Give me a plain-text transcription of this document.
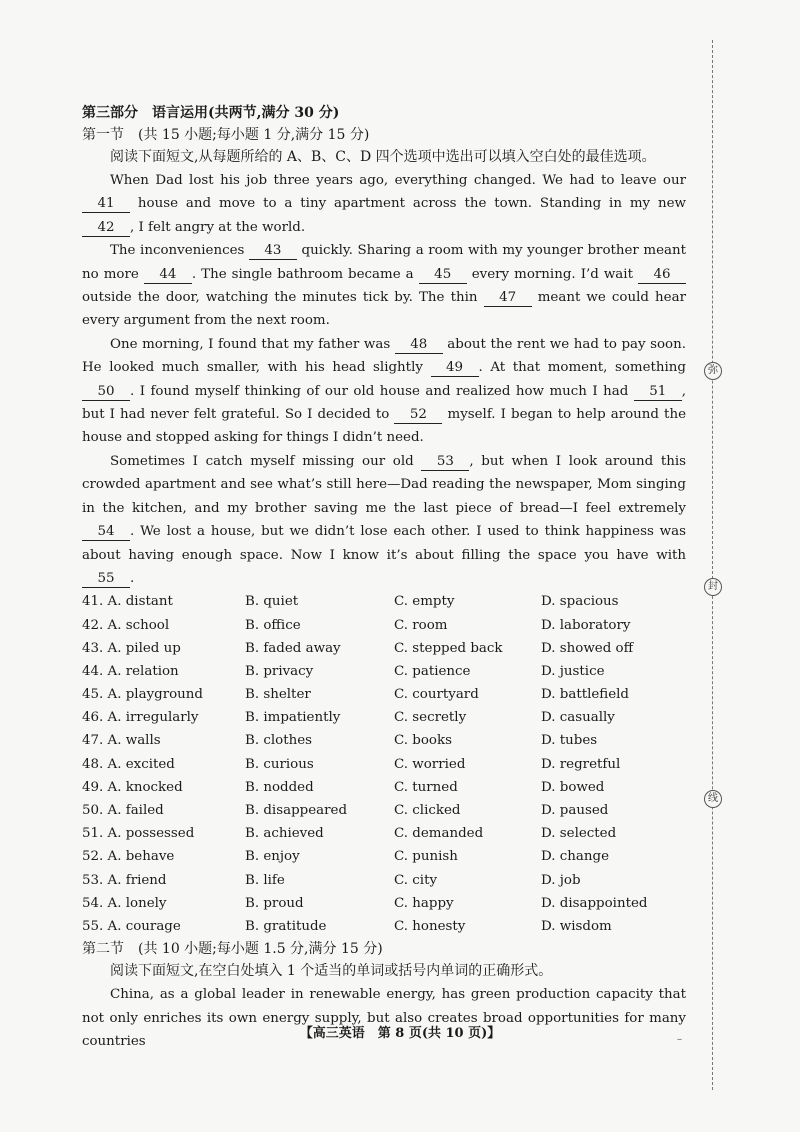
弥
封
线
第三部分　语言运用(共两节,满分 30 分)
第一节　(共 15 小题;每小题 1 分,满分 15 分)
阅读下面短文,从每题所给的 A、B、C、D 四个选项中选出可以填入空白处的最佳选项。

When Dad lost his job three years ago, everything changed. We had to leave our 41 house and move to a tiny apartment across the town. Standing in my new 42 , I felt angry at the world.

The inconveniences 43 quickly. Sharing a room with my younger brother meant no more 44 . The single bathroom became a 45 every morning. I’d wait 46 outside the door, watching the minutes tick by. The thin 47 meant we could hear every argument from the next room.

One morning, I found that my father was 48 about the rent we had to pay soon. He looked much smaller, with his head slightly 49 . At that moment, something 50 . I found myself thinking of our old house and realized how much I had 51 , but I had never felt grateful. So I decided to 52 myself. I began to help around the house and stopped asking for things I didn’t need.

Sometimes I catch myself missing our old 53 , but when I look around this crowded apartment and see what’s still here—Dad reading the newspaper, Mom singing in the kitchen, and my brother saving me the last piece of bread—I feel extremely 54 . We lost a house, but we didn’t lose each other. I used to think happiness was about having enough space. Now I know it’s about filling the space you have with 55 .

41. A. distant	B. quiet	C. empty	D. spacious
42. A. school	B. office	C. room	D. laboratory
43. A. piled up	B. faded away	C. stepped back	D. showed off
44. A. relation	B. privacy	C. patience	D. justice
45. A. playground	B. shelter	C. courtyard	D. battlefield
46. A. irregularly	B. impatiently	C. secretly	D. casually
47. A. walls	B. clothes	C. books	D. tubes
48. A. excited	B. curious	C. worried	D. regretful
49. A. knocked	B. nodded	C. turned	D. bowed
50. A. failed	B. disappeared	C. clicked	D. paused
51. A. possessed	B. achieved	C. demanded	D. selected
52. A. behave	B. enjoy	C. punish	D. change
53. A. friend	B. life	C. city	D. job
54. A. lonely	B. proud	C. happy	D. disappointed
55. A. courage	B. gratitude	C. honesty	D. wisdom
第二节　(共 10 小题;每小题 1.5 分,满分 15 分)
阅读下面短文,在空白处填入 1 个适当的单词或括号内单词的正确形式。

China, as a global leader in renewable energy, has green production capacity that not only enriches its own energy supply, but also creates broad opportunities for many countries

【高三英语　第 8 页(共 10 页)】	–
